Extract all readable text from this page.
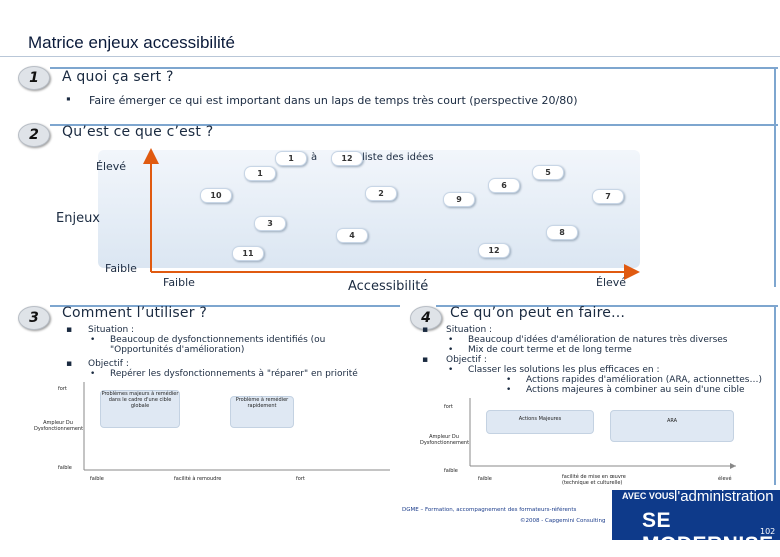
Matrice enjeux accessibilité
1	A quoi ça sert ?
▪ Faire émerger ce qui est important dans un laps de temps très court (perspective 20/80)
2	Qu’est ce que c’est ?
Élevé
Enjeux
Faible
Faible	Accessibilité	Élevé
1	à	12 liste des idées
1
2
3
4
5
6
7
8
9
10
11	12
3	Comment l’utiliser ?
▪ Situation :
• Beaucoup de dysfonctionnements identifiés (ou "Opportunités d'amélioration)
▪ Objectif :
• Repérer les dysfonctionnements à "réparer" en priorité
fort
Ampleur Du Dysfonctionnement
faible
faible	facilité à remoudre	fort
Problèmes majeurs à remédier dans le cadre d'une cible globale
Problème à remédier rapidement
4	Ce qu’on peut en faire…
▪ Situation :
• Beaucoup d'idées d'amélioration de natures très diverses
• Mix de court terme et de long terme
▪ Objectif :
• Classer les solutions les plus efficaces en :
• Actions rapides d'amélioration (ARA, actionnettes…)
• Actions majeures à combiner au sein d'une cible
fort
Ampleur Du Dysfonctionnement
faible
faible	facilité de mise en œuvre (technique et culturelle)
élevé
Actions Majeures	ARA
DGME – Formation, accompagnement des formateurs-référents
©2008 - Capgemini Consulting
AVEC VOUS l'administration
SE MODERNISE
102
